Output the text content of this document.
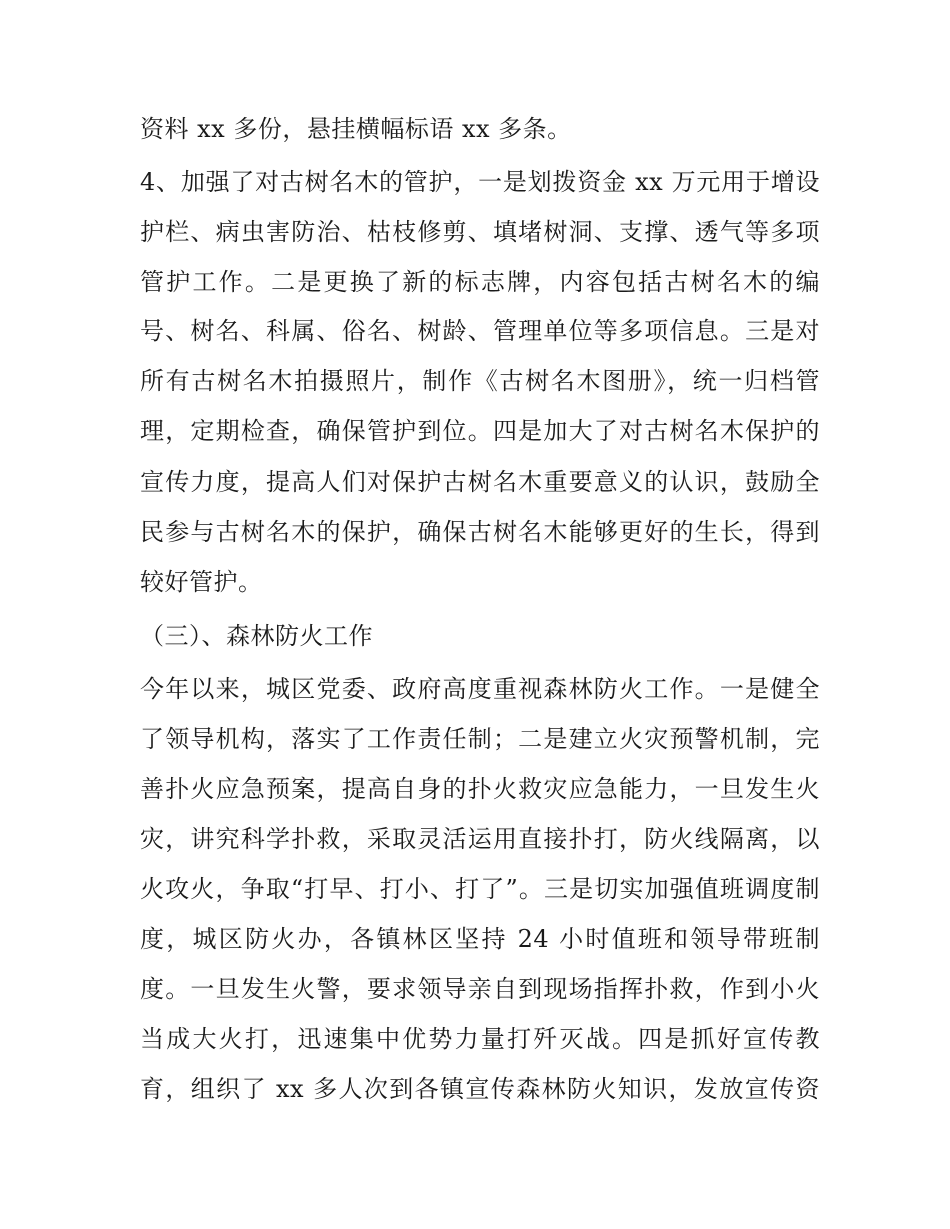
资料 xx 多份，悬挂横幅标语 xx 多条。
4、加强了对古树名木的管护，一是划拨资金 xx 万元用于增设
护栏、病虫害防治、枯枝修剪、填堵树洞、支撑、透气等多项
管护工作。二是更换了新的标志牌，内容包括古树名木的编
号、树名、科属、俗名、树龄、管理单位等多项信息。三是对
所有古树名木拍摄照片，制作《古树名木图册》，统一归档管
理，定期检查，确保管护到位。四是加大了对古树名木保护的
宣传力度，提高人们对保护古树名木重要意义的认识，鼓励全
民参与古树名木的保护，确保古树名木能够更好的生长，得到
较好管护。
（三）、森林防火工作
今年以来，城区党委、政府高度重视森林防火工作。一是健全
了领导机构，落实了工作责任制；二是建立火灾预警机制，完
善扑火应急预案，提高自身的扑火救灾应急能力，一旦发生火
灾，讲究科学扑救，采取灵活运用直接扑打，防火线隔离，以
火攻火，争取“打早、打小、打了”。三是切实加强值班调度制
度，城区防火办，各镇林区坚持 24 小时值班和领导带班制
度。一旦发生火警，要求领导亲自到现场指挥扑救，作到小火
当成大火打，迅速集中优势力量打歼灭战。四是抓好宣传教
育，组织了 xx 多人次到各镇宣传森林防火知识，发放宣传资
